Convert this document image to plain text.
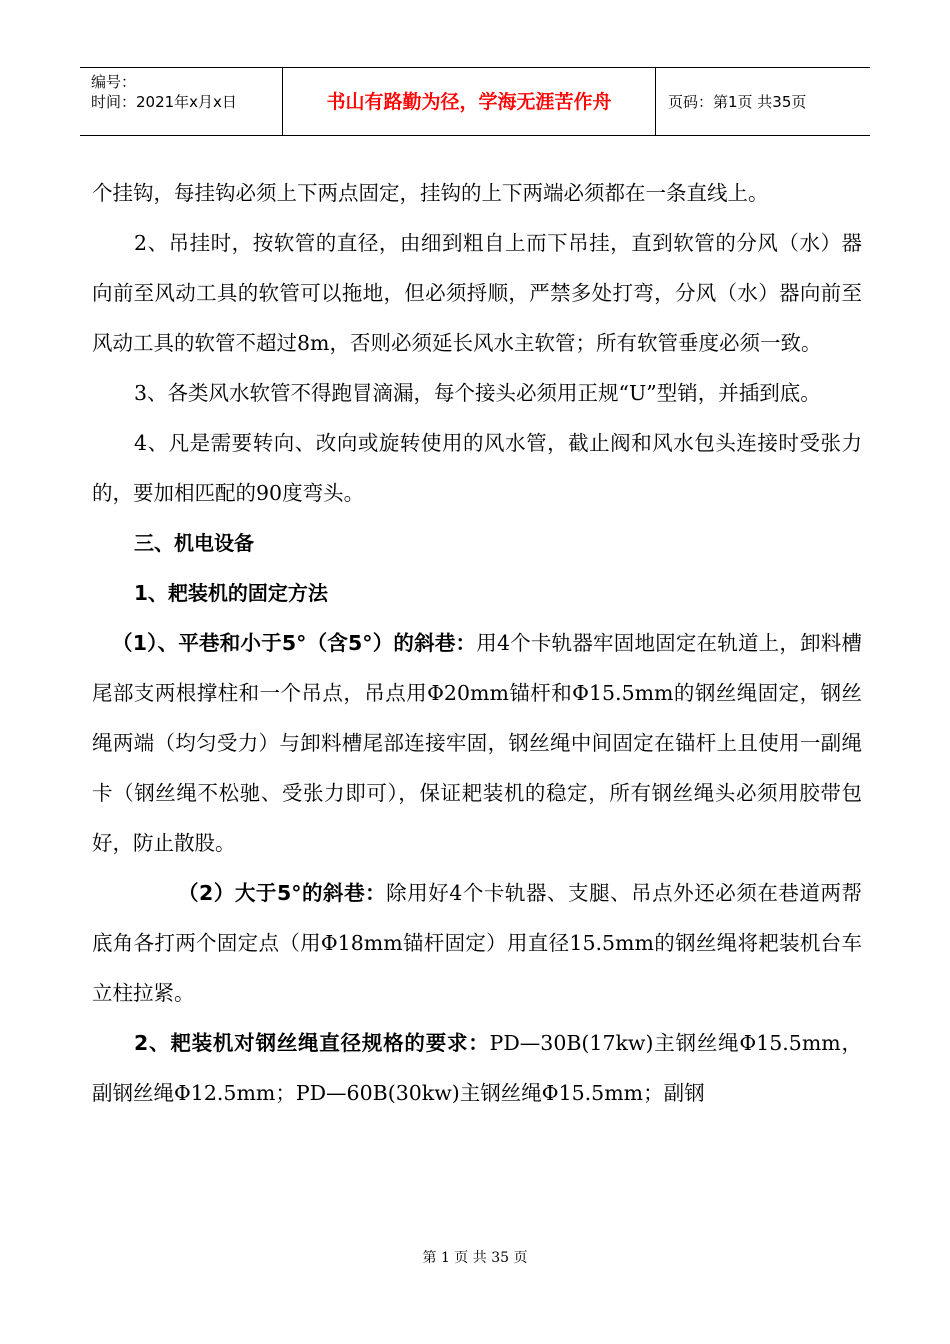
编号：
时间：2021年x月x日	书山有路勤为径，学海无涯苦作舟	页码：第1页 共35页

个挂钩，每挂钩必须上下两点固定，挂钩的上下两端必须都在一条直线上。

2、吊挂时，按软管的直径，由细到粗自上而下吊挂，直到软管的分风（水）器向前至风动工具的软管可以拖地，但必须捋顺，严禁多处打弯，分风（水）器向前至风动工具的软管不超过8m，否则必须延长风水主软管；所有软管垂度必须一致。

3、各类风水软管不得跑冒滴漏，每个接头必须用正规“U”型销，并插到底。

4、凡是需要转向、改向或旋转使用的风水管，截止阀和风水包头连接时受张力的，要加相匹配的90度弯头。

三、机电设备

1、耙装机的固定方法

（1）、平巷和小于5°（含5°）的斜巷：用4个卡轨器牢固地固定在轨道上，卸料槽尾部支两根撑柱和一个吊点，吊点用Φ20mm锚杆和Φ15.5mm的钢丝绳固定，钢丝绳两端（均匀受力）与卸料槽尾部连接牢固，钢丝绳中间固定在锚杆上且使用一副绳卡（钢丝绳不松驰、受张力即可），保证耙装机的稳定，所有钢丝绳头必须用胶带包好，防止散股。

（2）大于5°的斜巷：除用好4个卡轨器、支腿、吊点外还必须在巷道两帮底角各打两个固定点（用Φ18mm锚杆固定）用直径15.5mm的钢丝绳将耙装机台车立柱拉紧。

2、耙装机对钢丝绳直径规格的要求：PD—30B(17kw)主钢丝绳Φ15.5mm，副钢丝绳Φ12.5mm；PD—60B(30kw)主钢丝绳Φ15.5mm；副钢

第 1 页 共 35 页
